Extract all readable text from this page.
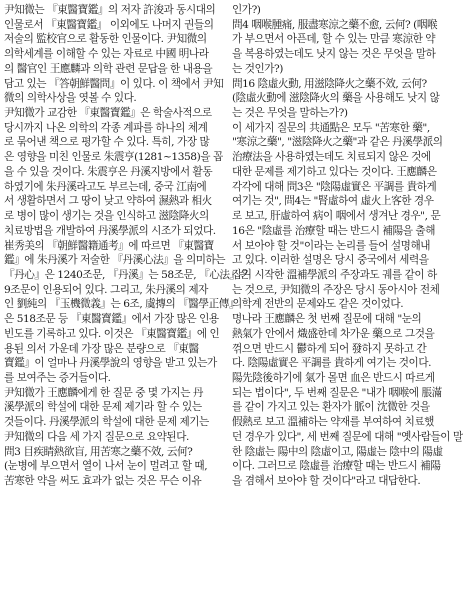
尹知微는 『東醫寶鑑』의 저자 許浚과 동시대의
인물로서 『東醫寶鑑』 이외에도 나머지 권들의
저술의 監校官으로 활동한 인물이다. 尹知微의
의학세계를 이해할 수 있는 자료로 中國 明나라
의 醫官인 王應麟과 의학 관련 문답을 한 내용을
담고 있는 『答朝鮮醫問』이 있다. 이 책에서 尹知
微의 의학사상을 엿볼 수 있다.
尹知微가 교감한 『東醫寶鑑』은 학술사적으로
당시까지 나온 의학의 각종 계파를 하나의 체계
로 묶어낸 책으로 평가할 수 있다. 특히, 가장 많
은 영향을 미친 인물로 朱震亨(1281~1358)을 꼽
을 수 있을 것이다. 朱震亨은 丹溪지방에서 활동
하였기에 朱丹溪라고도 부르는데, 중국 江南에
서 생활하면서 그 땅이 낮고 약하여 濕熱과 相火
로 병이 많이 생기는 것을 인식하고 滋陰降火의
치료방법을 개발하여 丹溪學派의 시조가 되었다.
崔秀美의 『朝鮮醫籍通考』에 따르면 『東醫寶
鑑』에 朱丹溪가 저술한 『丹溪心法』을 의미하는
『丹心』은 1240조문, 『丹溪』는 58조문, 『心法』은
9조문이 인용되어 있다. 그리고, 朱丹溪의 제자
인 劉純의 『玉機微義』는 6조, 虞摶의 『醫學正傳』
은 518조문 등 『東醫寶鑑』에서 가장 많은 인용
빈도를 기록하고 있다. 이것은 『東醫寶鑑』에 인
용된 의서 가운데 가장 많은 분량으로 『東醫
寶鑑』이 얼마나 丹溪學說의 영향을 받고 있는가
를 보여주는 증거들이다.
尹知微가 王應麟에게 한 질문 중 몇 가지는 丹
溪學派의 학설에 대한 문제 제기라 할 수 있는
것들이다. 丹溪學派의 학설에 대한 문제 제기는
尹知微의 다음 세 가지 질문으로 요약된다.
問3 目疾睛熱欲盲, 用苦寒之藥不效, 云何?
(눈병에 부으면서 열이 나서 눈이 멀려고 할 때,
苦寒한 약을 써도 효과가 없는 것은 무슨 이유
인가?)
問4 咽喉腫痛, 服盡寒涼之藥不愈, 云何? (咽喉
가 부으면서 아픈데, 할 수 있는 만큼 寒涼한 약
을 복용하였는데도 낫지 않는 것은 무엇을 말하
는 것인가?)
問16 陰虛火動, 用滋陰降火之藥不效, 云何?
(陰虛火動에 滋陰降火의 藥을 사용해도 낫지 않
는 것은 무엇을 말하는가?)
이 세가지 질문의 共通點은 모두 "苦寒한 藥",
"寒涼之藥", "滋陰降火之藥"과 같은 丹溪學派의
治療法을 사용하였는데도 치료되지 않은 것에
대한 문제를 제기하고 있다는 것이다. 王應麟은
각각에 대해 問3은 "陰陽虛實은 平調를 貴하게
여기는 것", 問4는 "腎虛하여 虛火上客한 경우
로 보고, 肝虛하여 病이 咽에서 생겨난 경우", 문
16은 "陰虛를 治療할 때는 반드시 補陽을 출해
서 보아야 할 것"이라는 논리를 들어 설명해내
고 있다. 이러한 설명은 당시 중국에서 세력을
잡기 시작한 溫補學派의 주장과도 궤를 같이 하
는 것으로, 尹知微의 주장은 당시 동아시아 전체
의학계 전반의 문제와도 같은 것이었다.
명나라 王應麟은 첫 번째 질문에 대해 "눈의
熱氣가 안에서 熾盛한데 차가운 藥으로 그것을
꺾으면 반드시 鬱하게 되어 發하지 못하고 간
다. 陰陽虛實은 平調를 貴하게 여기는 것이다.
陽先陰後하기에 氣가 몰면 血은 반드시 따르게
되는 법이다", 두 번째 질문은 "내가 咽喉에 脹滿
를 같이 가지고 있는 환자가 脈이 沈微한 것을
假熱로 보고 溫補하는 약재를 부여하여 치료했
던 경우가 있다", 세 번째 질문에 대해 "옛사람들이 말
한 陰虛는 陽中의 陰虛이고, 陽虛는 陰中의 陽虛
이다. 그러므로 陰虛를 治療할 때는 반드시 補陽
을 겸해서 보아야 할 것이다"라고 대답한다.
